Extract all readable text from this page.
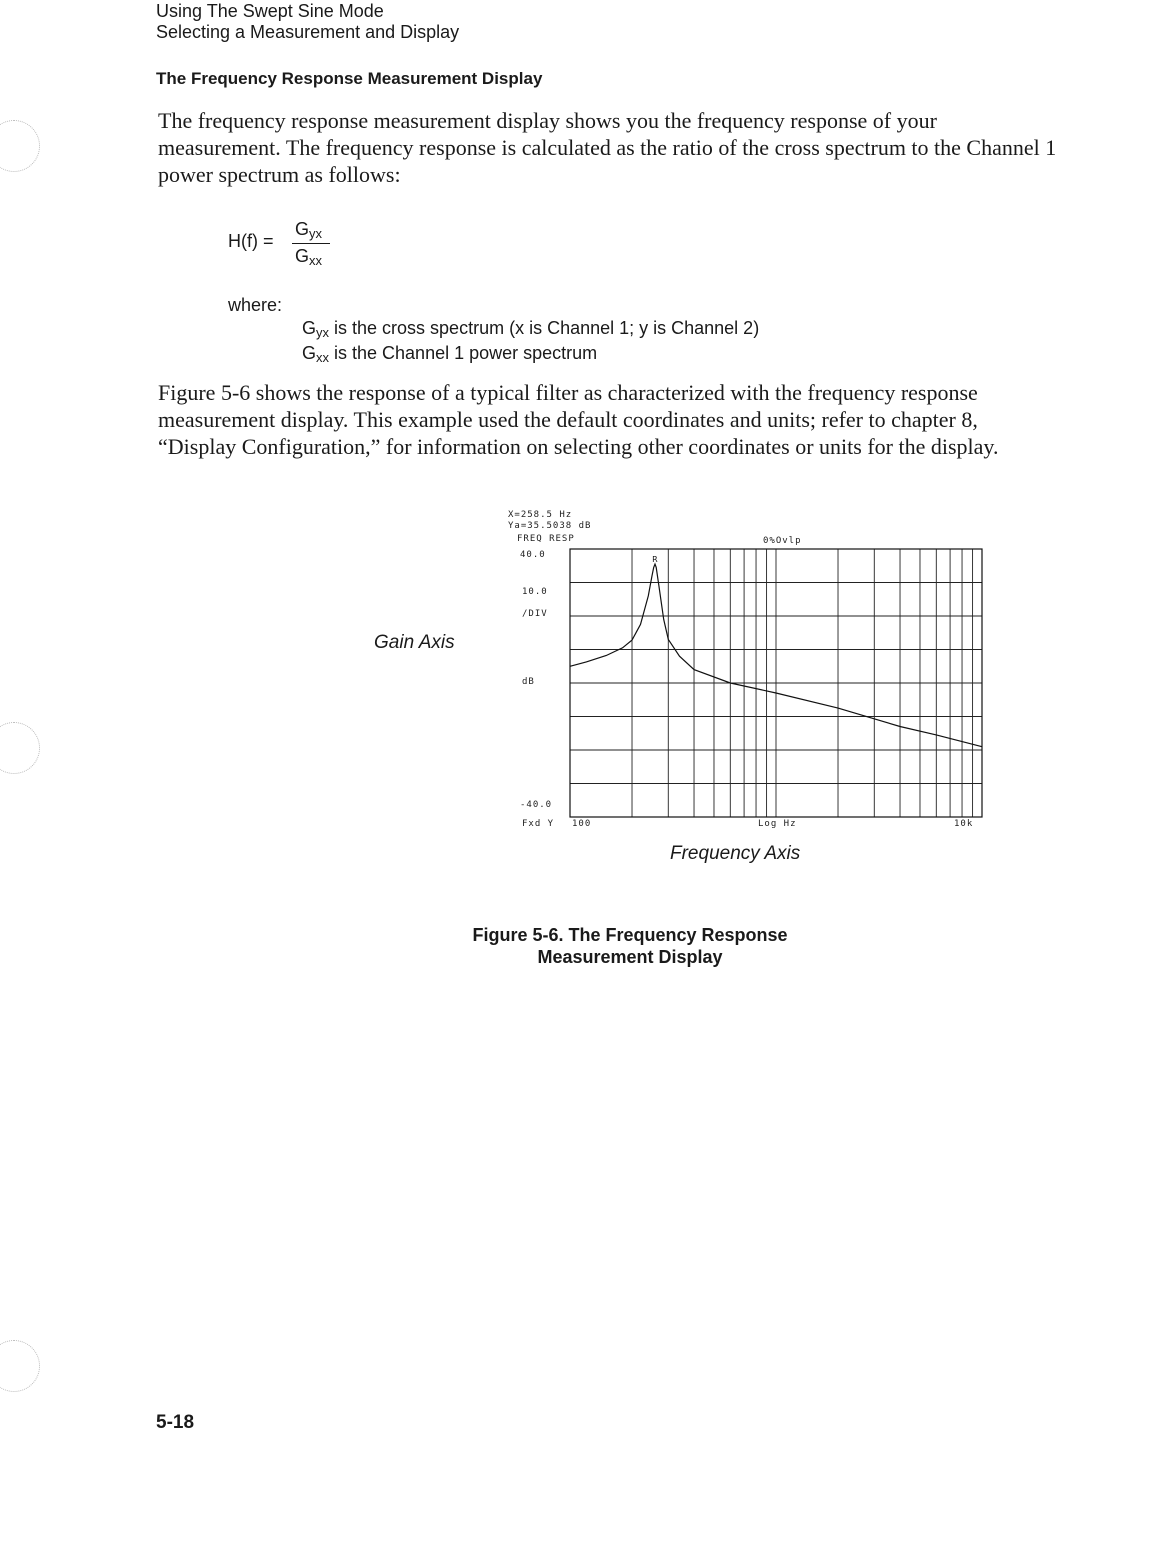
Using The Swept Sine Mode

Selecting a Measurement and Display

The Frequency Response Measurement Display

The frequency response measurement display shows you the frequency response of your measurement. The frequency response is calculated as the ratio of the cross spectrum to the Channel 1 power spectrum as follows:

H(f) =
$G_{yx}$
$G_{xx}$

where:

$G_{yx}$ is the cross spectrum (x is Channel 1; y is Channel 2)

$G_{xx}$ is the Channel 1 power spectrum

Figure 5-6 shows the response of a typical filter as characterized with the frequency response measurement display. This example used the default coordinates and units; refer to chapter 8, “Display Configuration,” for information on selecting other coordinates or units for the display.

X=258.5 Hz
Ya=35.5038 dB
FREQ RESP	0%Ovlp
40.0
10.0
/DIV
dB
-40.0
Fxd Y 100	Log Hz	10k
R

Gain Axis

Frequency Axis

Figure 5-6. The Frequency Response
Measurement Display

5-18
